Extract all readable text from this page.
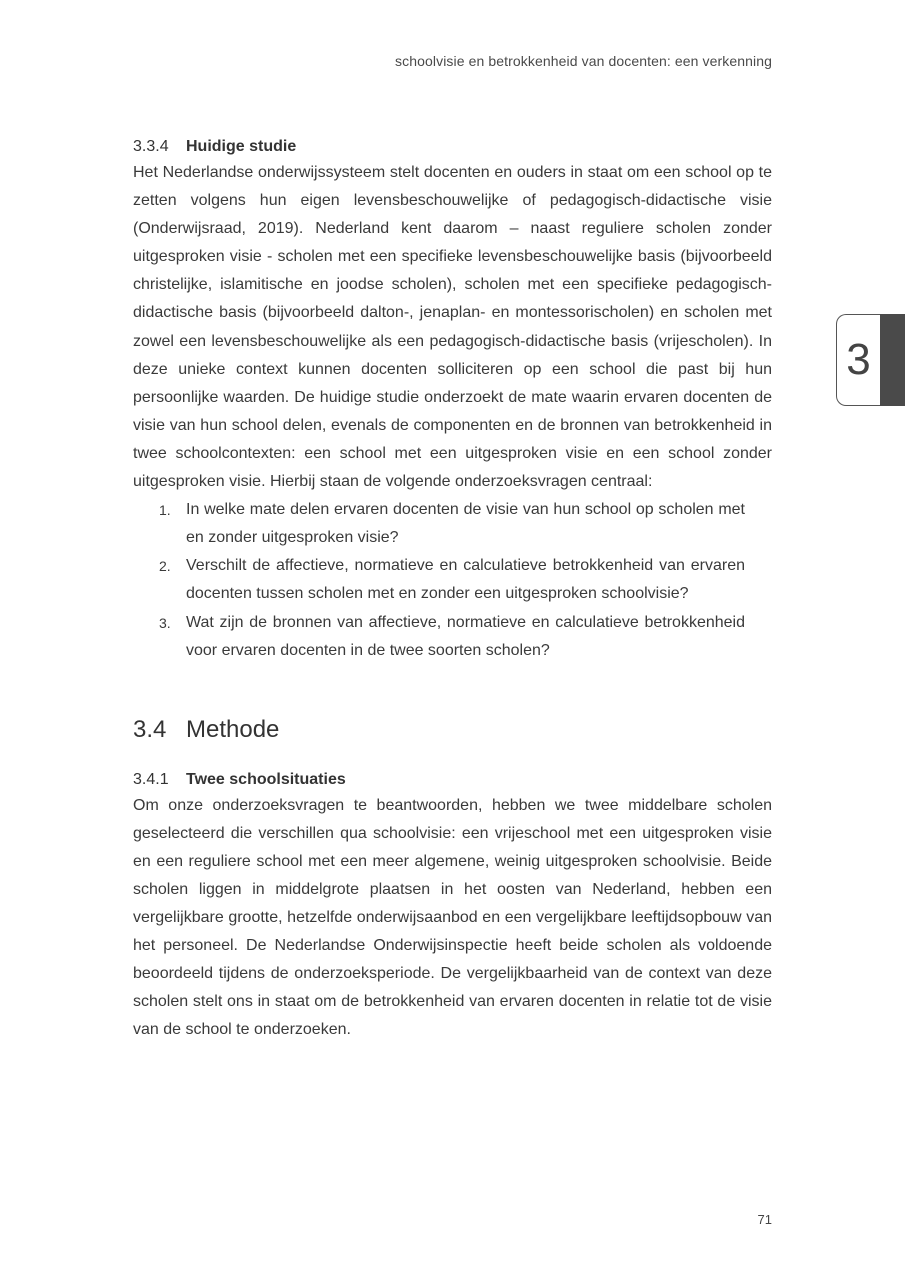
schoolvisie en betrokkenheid van docenten: een verkenning
3
3.3.4 Huidige studie

Het Nederlandse onderwijssysteem stelt docenten en ouders in staat om een school op te zetten volgens hun eigen levensbeschouwelijke of pedagogisch-didactische visie (Onderwijsraad, 2019). Nederland kent daarom – naast reguliere scholen zonder uitgesproken visie - scholen met een specifieke levensbeschouwelijke basis (bijvoorbeeld christelijke, islamitische en joodse scholen), scholen met een specifieke pedagogisch-didactische basis (bijvoorbeeld dalton-, jenaplan- en montessorischolen) en scholen met zowel een levensbeschouwelijke als een pedagogisch-didactische basis (vrijescholen). In deze unieke context kunnen docenten solliciteren op een school die past bij hun persoonlijke waarden. De huidige studie onderzoekt de mate waarin ervaren docenten de visie van hun school delen, evenals de componenten en de bronnen van betrokkenheid in twee schoolcontexten: een school met een uitgesproken visie en een school zonder uitgesproken visie. Hierbij staan de volgende onderzoeksvragen centraal:

1. In welke mate delen ervaren docenten de visie van hun school op scholen met en zonder uitgesproken visie?
2. Verschilt de affectieve, normatieve en calculatieve betrokkenheid van ervaren docenten tussen scholen met en zonder een uitgesproken schoolvisie?
3. Wat zijn de bronnen van affectieve, normatieve en calculatieve betrokkenheid voor ervaren docenten in de twee soorten scholen?
3.4 Methode
3.4.1 Twee schoolsituaties

Om onze onderzoeksvragen te beantwoorden, hebben we twee middelbare scholen geselecteerd die verschillen qua schoolvisie: een vrijeschool met een uitgesproken visie en een reguliere school met een meer algemene, weinig uitgesproken schoolvisie. Beide scholen liggen in middelgrote plaatsen in het oosten van Nederland, hebben een vergelijkbare grootte, hetzelfde onderwijsaanbod en een vergelijkbare leeftijdsopbouw van het personeel. De Nederlandse Onderwijsinspectie heeft beide scholen als voldoende beoordeeld tijdens de onderzoeksperiode. De vergelijkbaarheid van de context van deze scholen stelt ons in staat om de betrokkenheid van ervaren docenten in relatie tot de visie van de school te onderzoeken.

71
